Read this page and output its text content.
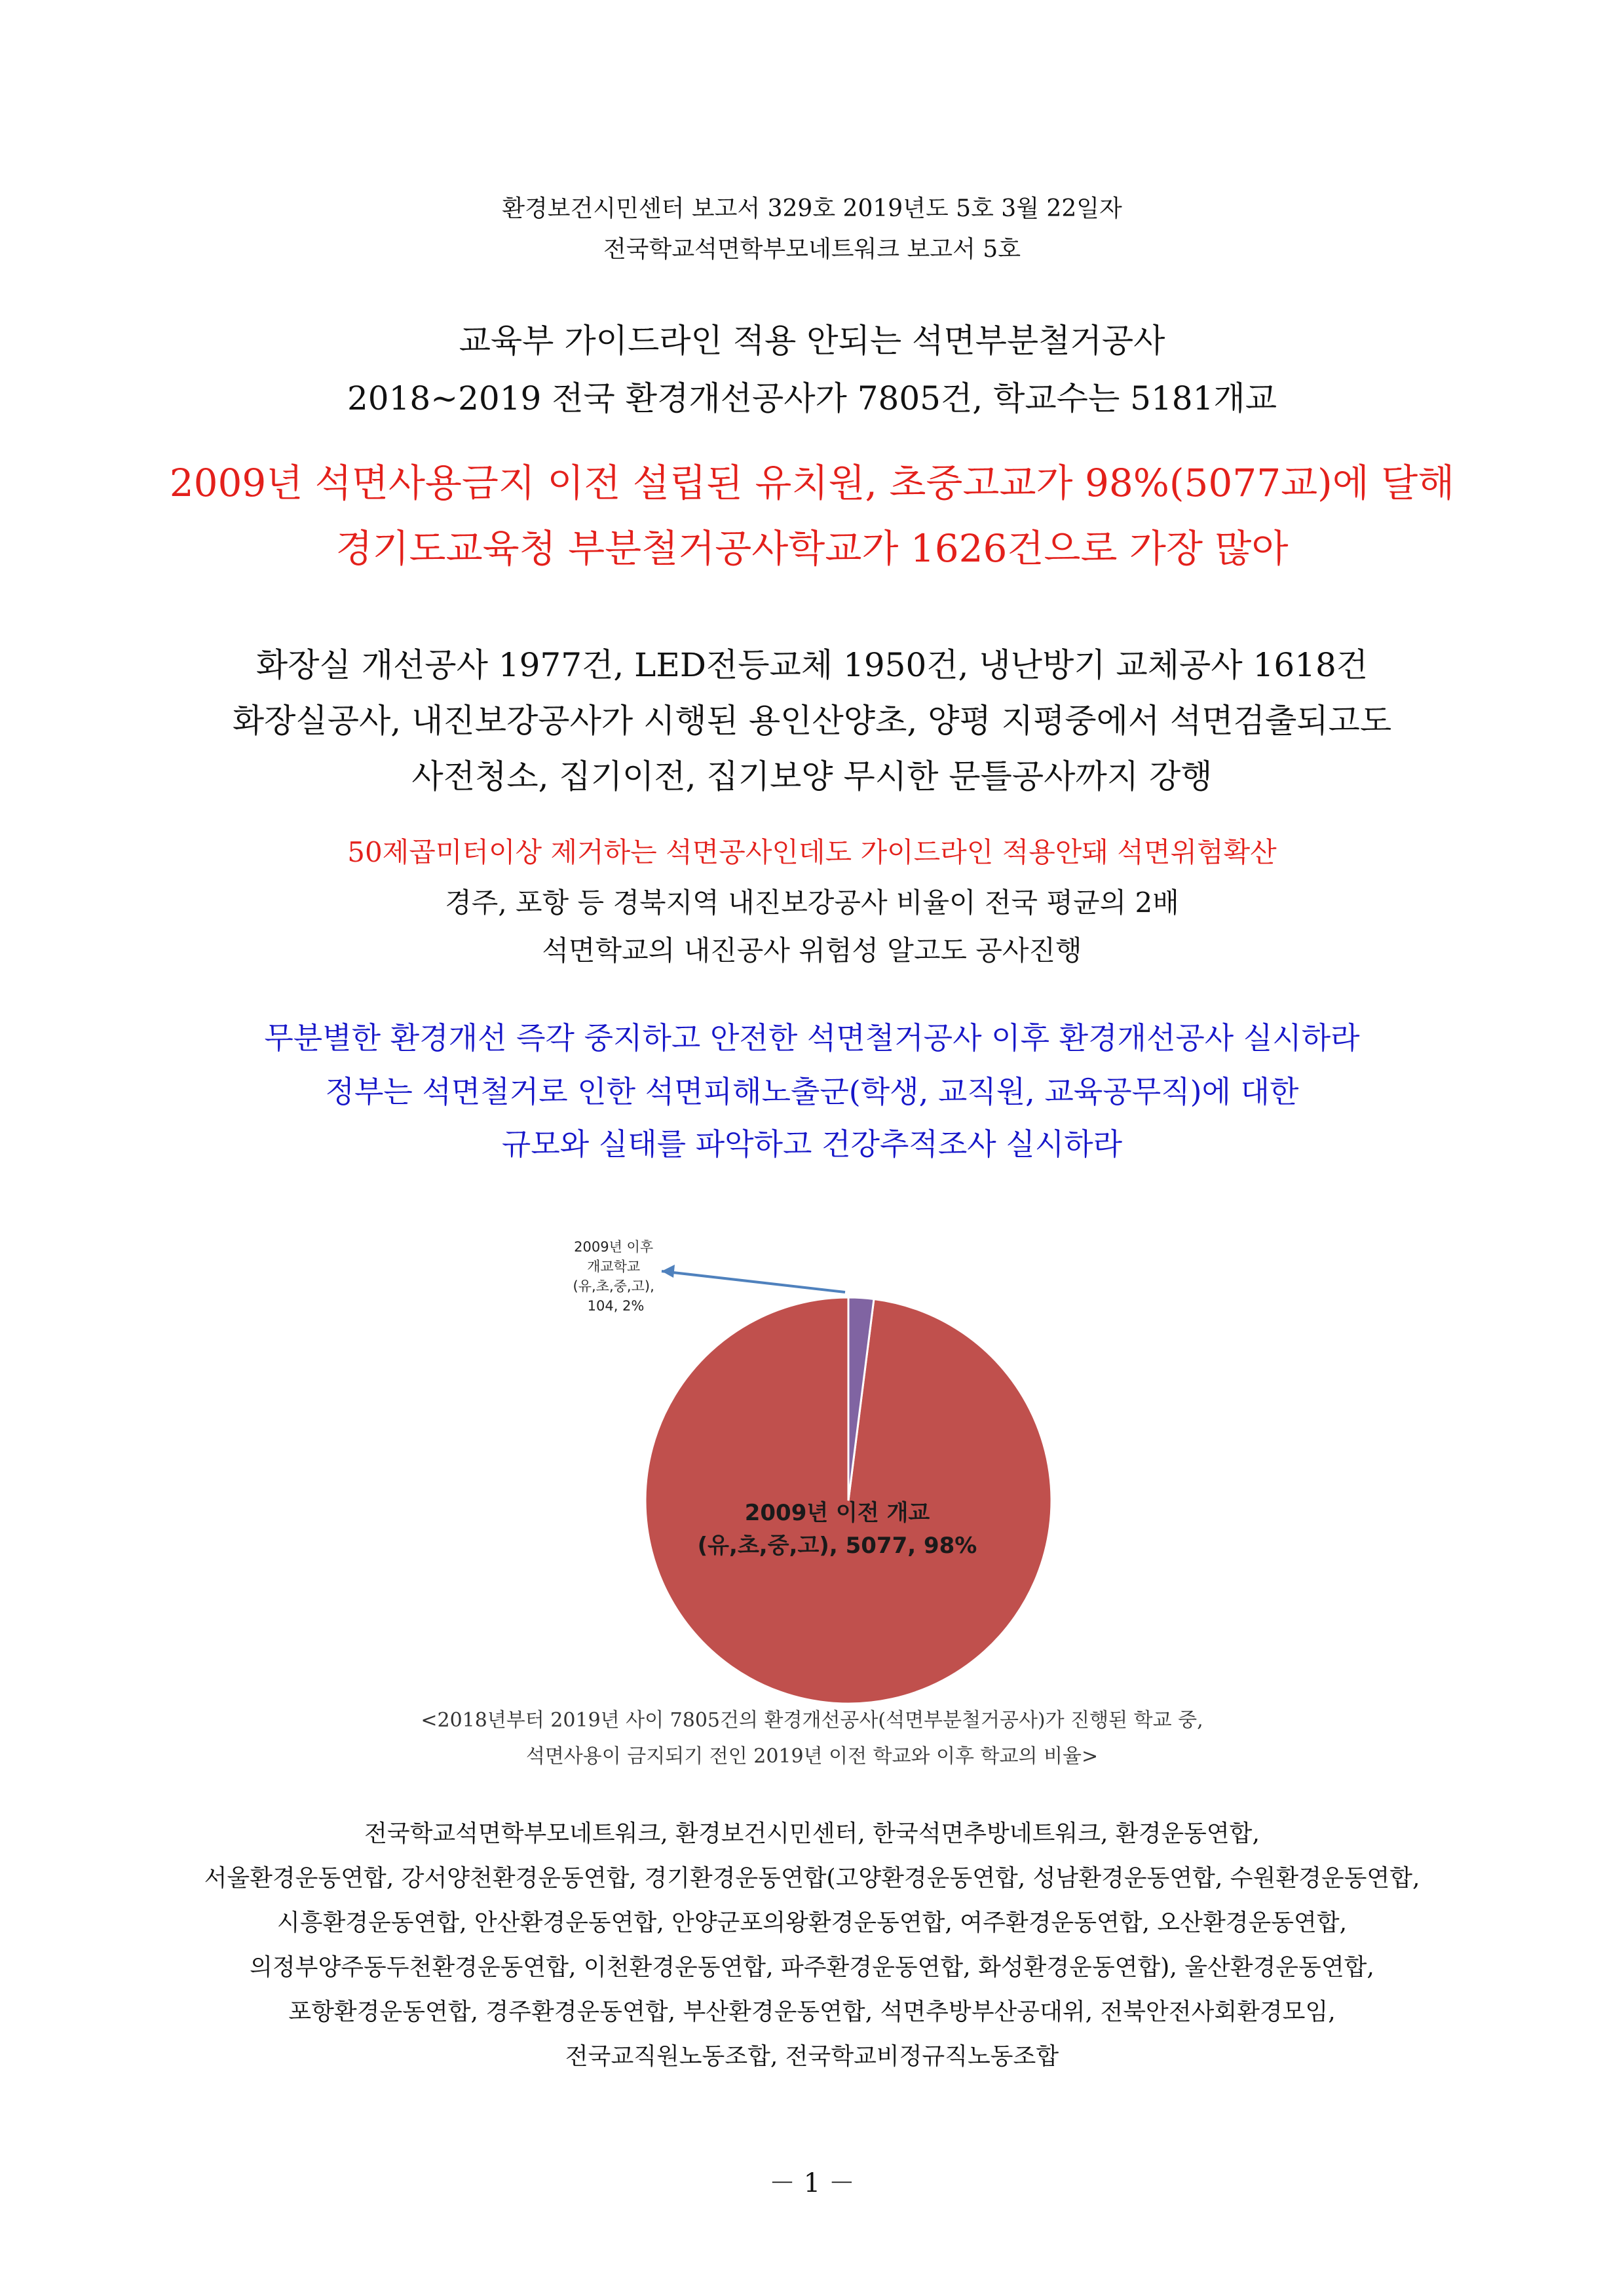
환경보건시민센터 보고서 329호 2019년도 5호 3월 22일자
전국학교석면학부모네트워크 보고서 5호
교육부 가이드라인 적용 안되는 석면부분철거공사
2018~2019 전국 환경개선공사가 7805건, 학교수는 5181개교
2009년 석면사용금지 이전 설립된 유치원, 초중고교가 98%(5077교)에 달해
경기도교육청 부분철거공사학교가 1626건으로 가장 많아
화장실 개선공사 1977건, LED전등교체 1950건, 냉난방기 교체공사 1618건
화장실공사, 내진보강공사가 시행된 용인산양초, 양평 지평중에서 석면검출되고도
사전청소, 집기이전, 집기보양 무시한 문틀공사까지 강행
50제곱미터이상 제거하는 석면공사인데도 가이드라인 적용안돼 석면위험확산
경주, 포항 등 경북지역 내진보강공사 비율이 전국 평균의 2배
석면학교의 내진공사 위험성 알고도 공사진행
무분별한 환경개선 즉각 중지하고 안전한 석면철거공사 이후 환경개선공사 실시하라
정부는 석면철거로 인한 석면피해노출군(학생, 교직원, 교육공무직)에 대한
규모와 실태를 파악하고 건강추적조사 실시하라
2009년 이후 개교학교 (유,초,중,고), 104, 2%
2009년 이전 개교
(유,초,중,고), 5077, 98%
<2018년부터 2019년 사이 7805건의 환경개선공사(석면부분철거공사)가 진행된 학교 중,
석면사용이 금지되기 전인 2019년 이전 학교와 이후 학교의 비율>
전국학교석면학부모네트워크, 환경보건시민센터, 한국석면추방네트워크, 환경운동연합,
서울환경운동연합, 강서양천환경운동연합, 경기환경운동연합(고양환경운동연합, 성남환경운동연합, 수원환경운동연합,
시흥환경운동연합, 안산환경운동연합, 안양군포의왕환경운동연합, 여주환경운동연합, 오산환경운동연합,
의정부양주동두천환경운동연합, 이천환경운동연합, 파주환경운동연합, 화성환경운동연합), 울산환경운동연합,
포항환경운동연합, 경주환경운동연합, 부산환경운동연합, 석면추방부산공대위, 전북안전사회환경모임,
전국교직원노동조합, 전국학교비정규직노동조합
－ 1 －
